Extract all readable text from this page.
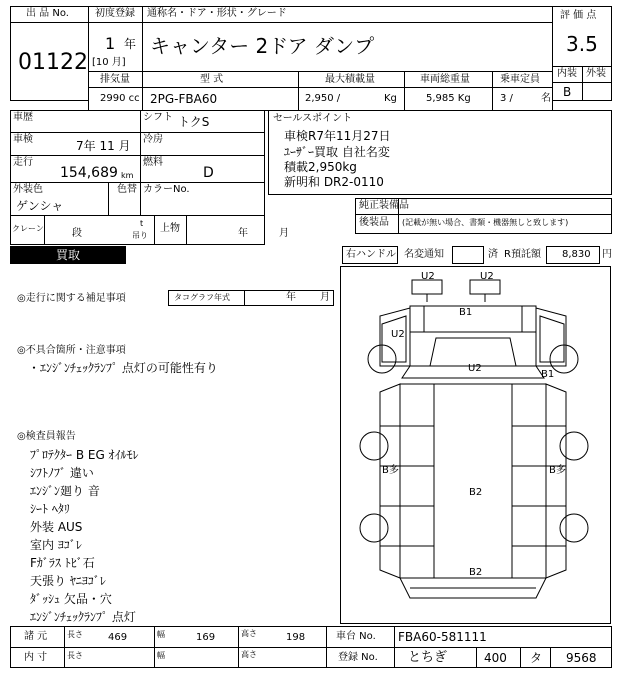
出 品 No.
01122
初度登録
1 年
[10 月]
通称名・ドア・形状・グレード
キャンター 2ドア ダンプ
評 価 点
3.5
内装 外装
B
排気量
2990 cc
型 式
2PG-FBA60
最大積載量
2,950 /	Kg
車両総重量
5,985 Kg
乗車定員
3 /	名
車歴	シフト トクS
車検	7年 11 月 冷房
走行
154,689 km
燃料
D
外装色
ゲンシャ
色替 カラーNo.
クレーン	段
t
吊り
上物	年	月
セールスポイント
車検R7年11月27日
ﾕｰｻﾞｰ買取 自社名変
積載2,950kg
新明和 DR2-0110
純正装備品
後装品 (記載が無い場合、書類・機器無しと致します)
買取	右ハンドル 名変通知	済 R預託額 8,830 円
◎走行に関する補足事項	タコグラフ年式	年 月
◎不具合箇所・注意事項
・ｴﾝｼﾞﾝﾁｪｯｸﾗﾝﾌﾟ 点灯の可能性有り
◎検査員報告
ﾌﾟﾛﾃｸﾀｰ B EG ｵｲﾙﾓﾚ
ｼﾌﾄﾉﾌﾞ 違い
ｴﾝｼﾞﾝ廻り 音
ｼｰﾄ ﾍﾀﾘ
外装 AUS
室内 ﾖｺﾞﾚ
Fｶﾞﾗｽ ﾄﾋﾞ石
天張り ﾔﾆﾖｺﾞﾚ
ﾀﾞｯｼｭ 欠品・穴
ｴﾝｼﾞﾝﾁｪｯｸﾗﾝﾌﾟ 点灯
U2	U2
B1
U2
U2
B1
B多	B多
B2
B2
諸 元 長さ	469	幅	169	高さ	198	車台 No. FBA60-581111
内 寸 長さ	幅	高さ	登録 No. とちぎ	400 タ 9568
